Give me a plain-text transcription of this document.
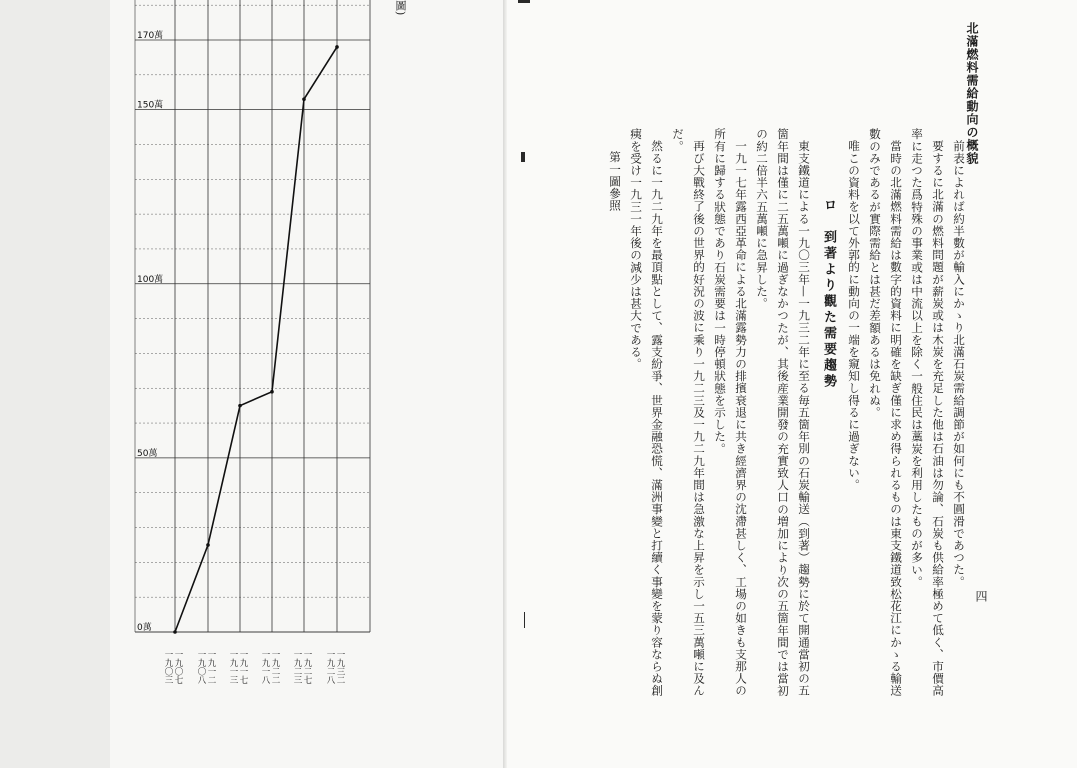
0萬
50萬
100萬
150萬
170萬
一九〇三 一九〇七 一九〇八 一九一二 一九一三 一九一七 一九一八 一九二二 一九二三 一九二七 一九二八 一九三二
圖)
北滿燃料需給動向の概貌
四

前表によれば約半數が輸入にかゝり北滿石炭需給調節が如何にも不圓滑であつた。

要するに北滿の燃料問題が薪炭或は木炭を充足した他は石油は勿論、石炭も供給率極めて低く、市價高率に走つた爲特殊の事業或は中流以上を除く一般住民は藁炭を利用したものが多い。

當時の北滿燃料需給は數字的資料に明確を缺ぎ僅に求め得られるものは東支鐵道致松花江にかゝる輸送數のみであるが實際需給とは甚だ差額あるは免れぬ。

唯この資料を以て外郭的に動向の一端を窺知し得るに過ぎない。

ロ　到著より觀た需要趨勢

東支鐵道による一九〇三年—一九三二年に至る毎五箇年別の石炭輸送（到著）趨勢に於て開通當初の五箇年間は僅に二五萬噸に過ぎなかつたが、其後産業開發の充實致人口の増加により次の五箇年間では當初の約二倍半六五萬噸に急昇した。

一九一七年露西亞革命による北滿露勢力の排擯衰退に共き經濟界の沈滯甚しく、工場の如きも支那人の所有に歸する狀態であり石炭需要は一時停頓狀態を示した。

再び大戰終了後の世界的好況の波に乘り一九二三及一九二九年間は急激な上昇を示し一五三萬噸に及んだ。

然るに一九二九年を最頂點として、露支紛爭、世界金融恐慌、滿洲事變と打續く事變を蒙り容ならぬ創痍を受け一九三一年後の減少は甚大である。

第一圖參照
